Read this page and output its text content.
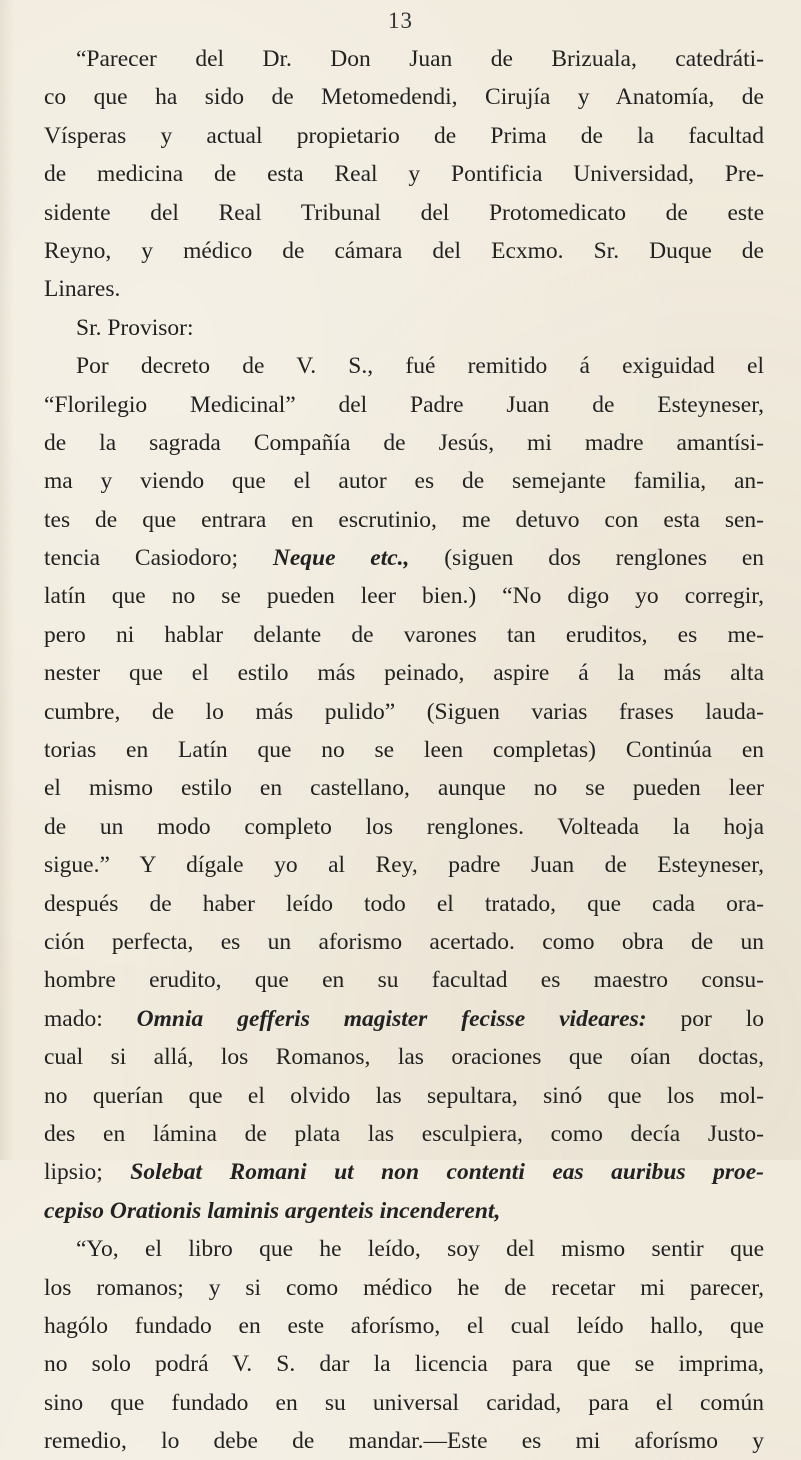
13
“Parecer del Dr. Don Juan de Brizuala, catedráti-
co que ha sido de Metomedendi, Cirujía y Anatomía, de
Vísperas y actual propietario de Prima de la facultad
de medicina de esta Real y Pontificia Universidad, Pre-
sidente del Real Tribunal del Protomedicato de este
Reyno, y médico de cámara del Ecxmo. Sr. Duque de
Linares.
Sr. Provisor:
Por decreto de V. S., fué remitido á exiguidad el
“Florilegio Medicinal” del Padre Juan de Esteyneser,
de la sagrada Compañía de Jesús, mi madre amantísi-
ma y viendo que el autor es de semejante familia, an-
tes de que entrara en escrutinio, me detuvo con esta sen-
tencia Casiodoro; Neque etc., (siguen dos renglones en
latín que no se pueden leer bien.) “No digo yo corregir,
pero ni hablar delante de varones tan eruditos, es me-
nester que el estilo más peinado, aspire á la más alta
cumbre, de lo más pulido” (Siguen varias frases lauda-
torias en Latín que no se leen completas) Continúa en
el mismo estilo en castellano, aunque no se pueden leer
de un modo completo los renglones. Volteada la hoja
sigue.” Y dígale yo al Rey, padre Juan de Esteyneser,
después de haber leído todo el tratado, que cada ora-
ción perfecta, es un aforismo acertado. como obra de un
hombre erudito, que en su facultad es maestro consu-
mado: Omnia gefferis magister fecisse videares: por lo
cual si allá, los Romanos, las oraciones que oían doctas,
no querían que el olvido las sepultara, sinó que los mol-
des en lámina de plata las esculpiera, como decía Justo-
lipsio; Solebat Romani ut non contenti eas auribus proe-
cepiso Orationis laminis argenteis incenderent,
“Yo, el libro que he leído, soy del mismo sentir que
los romanos; y si como médico he de recetar mi parecer,
hagólo fundado en este aforísmo, el cual leído hallo, que
no solo podrá V. S. dar la licencia para que se imprima,
sino que fundado en su universal caridad, para el común
remedio, lo debe de mandar.—Este es mi aforísmo y
